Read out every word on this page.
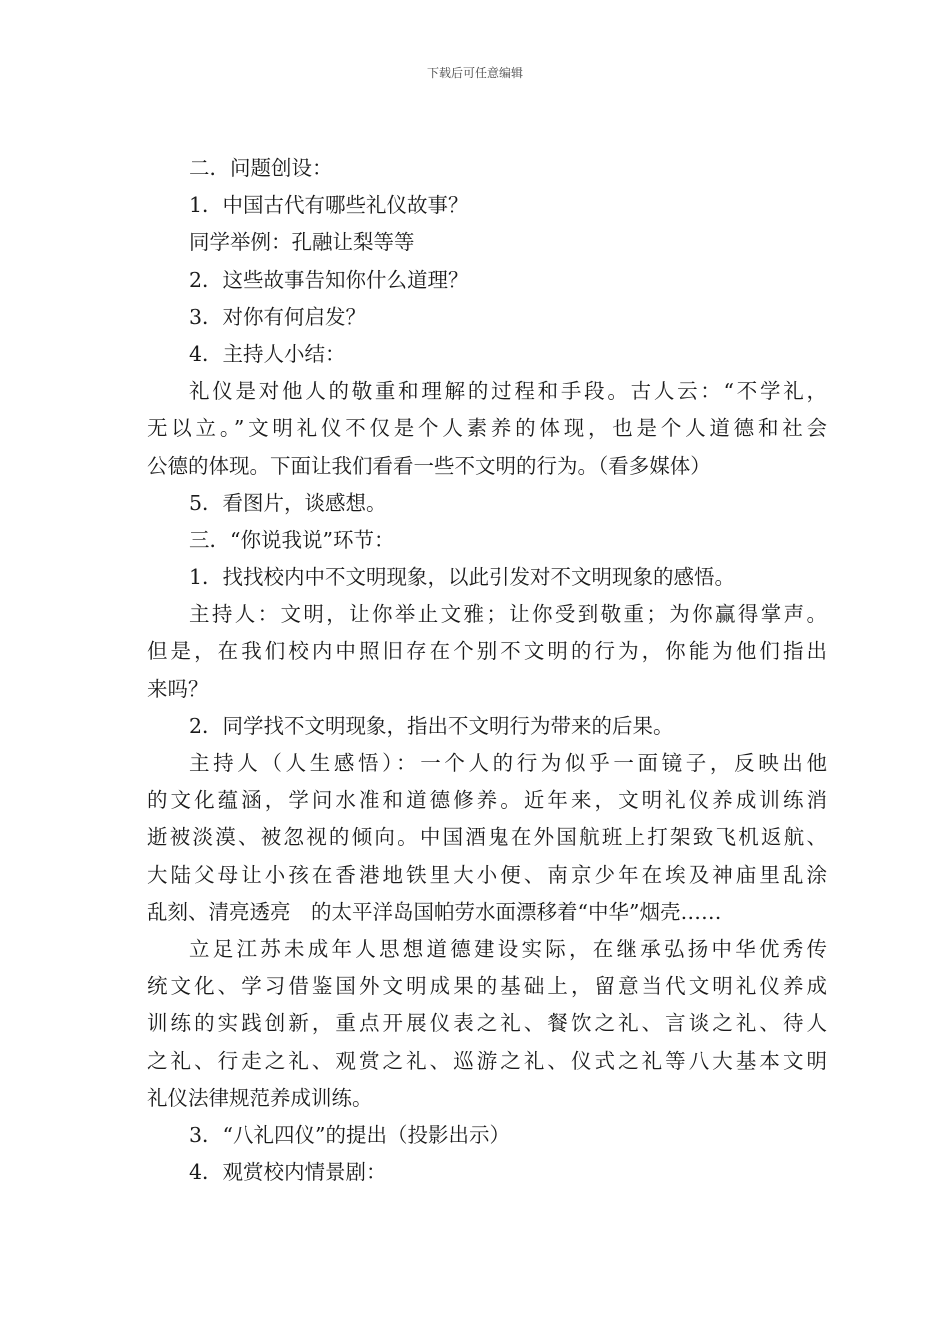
下载后可任意编辑
二．问题创设：
1．中国古代有哪些礼仪故事？
同学举例：孔融让梨等等
2．这些故事告知你什么道理？
3．对你有何启发？
4．主持人小结：
礼仪是对他人的敬重和理解的过程和手段。古人云：“不学礼，
无以立。”文明礼仪不仅是个人素养的体现，也是个人道德和社会
公德的体现。下面让我们看看一些不文明的行为。（看多媒体）
5．看图片，谈感想。
三．“你说我说”环节：
1．找找校内中不文明现象，以此引发对不文明现象的感悟。
主持人：文明，让你举止文雅；让你受到敬重；为你赢得掌声。
但是，在我们校内中照旧存在个别不文明的行为，你能为他们指出
来吗？
2．同学找不文明现象，指出不文明行为带来的后果。
主持人（人生感悟）：一个人的行为似乎一面镜子，反映出他
的文化蕴涵，学问水准和道德修养。近年来，文明礼仪养成训练消
逝被淡漠、被忽视的倾向。中国酒鬼在外国航班上打架致飞机返航、
大陆父母让小孩在香港地铁里大小便、南京少年在埃及神庙里乱涂
乱刻、清亮透亮　的太平洋岛国帕劳水面漂移着“中华”烟壳……
立足江苏未成年人思想道德建设实际，在继承弘扬中华优秀传
统文化、学习借鉴国外文明成果的基础上，留意当代文明礼仪养成
训练的实践创新，重点开展仪表之礼、餐饮之礼、言谈之礼、待人
之礼、行走之礼、观赏之礼、巡游之礼、仪式之礼等八大基本文明
礼仪法律规范养成训练。
3．“八礼四仪”的提出（投影出示）
4．观赏校内情景剧：
